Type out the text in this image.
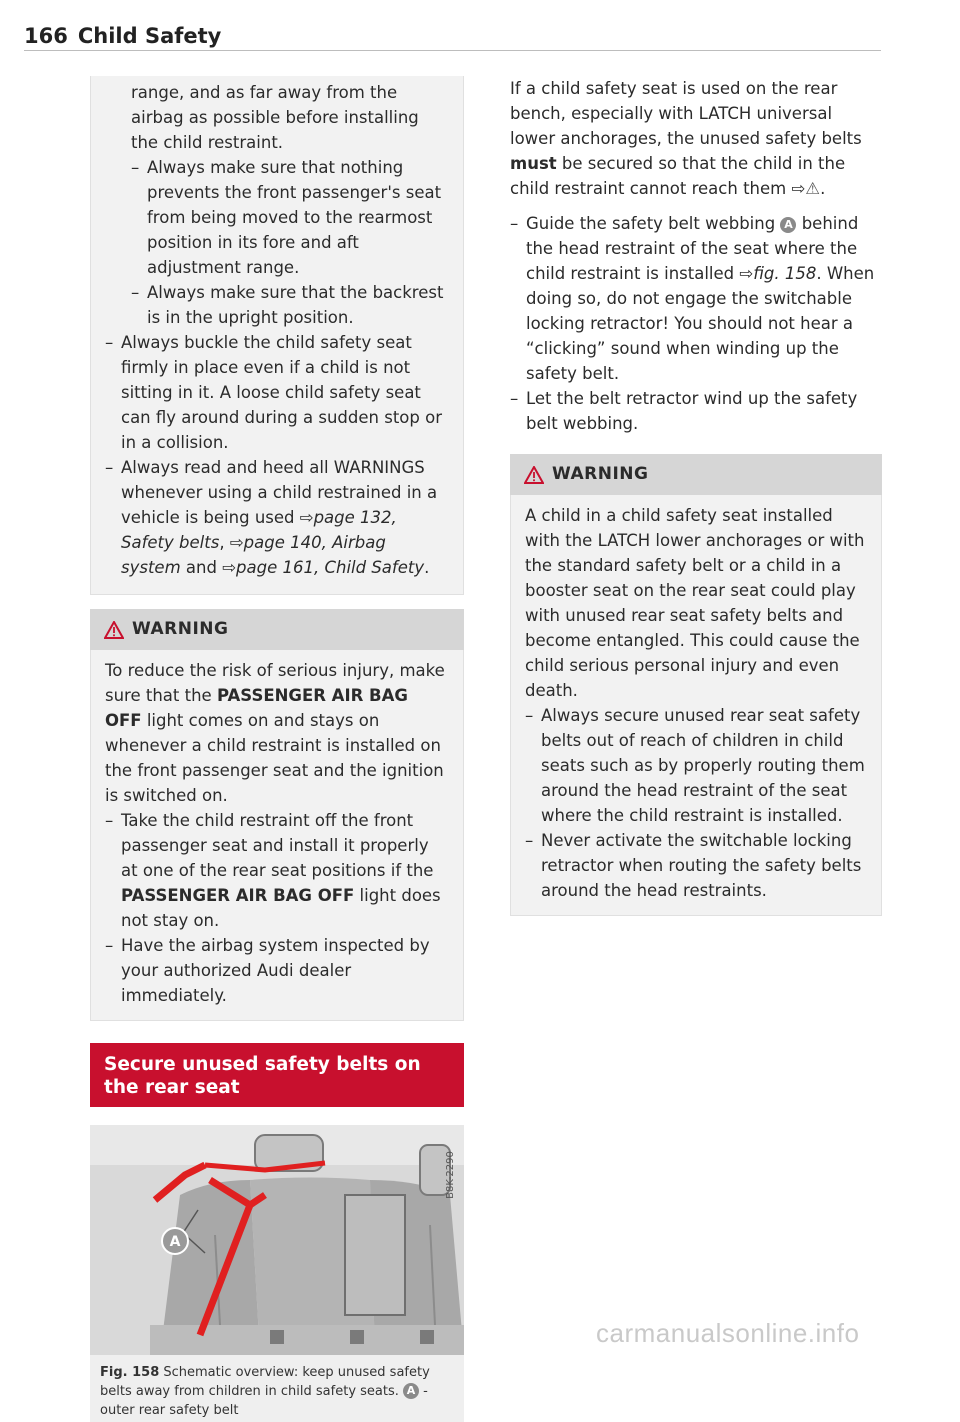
166 Child Safety

range, and as far away from the airbag as possible before installing the child restraint.

– Always make sure that nothing prevents the front passenger's seat from being moved to the rearmost position in its fore and aft adjustment range.

– Always make sure that the backrest is in the upright position.

– Always buckle the child safety seat firmly in place even if a child is not sitting in it. A loose child safety seat can fly around during a sudden stop or in a collision.

– Always read and heed all WARNINGS whenever using a child restrained in a vehicle is being used ⇨page 132, Safety belts, ⇨page 140, Airbag system and ⇨page 161, Child Safety.

WARNING

To reduce the risk of serious injury, make sure that the PASSENGER AIR BAG OFF light comes on and stays on whenever a child restraint is installed on the front passenger seat and the ignition is switched on.

– Take the child restraint off the front passenger seat and install it properly at one of the rear seat positions if the PASSENGER AIR BAG OFF light does not stay on.

– Have the airbag system inspected by your authorized Audi dealer immediately.

Secure unused safety belts on the rear seat
A
B8K-2290
Fig. 158 Schematic overview: keep unused safety belts away from children in child safety seats. A - outer rear safety belt

If a child safety seat is used on the rear bench, especially with LATCH universal lower anchorages, the unused safety belts must be secured so that the child in the child restraint cannot reach them ⇨⚠.

– Guide the safety belt webbing A behind the head restraint of the seat where the child restraint is installed ⇨fig. 158. When doing so, do not engage the switchable locking retractor! You should not hear a “clicking” sound when winding up the safety belt.

– Let the belt retractor wind up the safety belt webbing.

WARNING

A child in a child safety seat installed with the LATCH lower anchorages or with the standard safety belt or a child in a booster seat on the rear seat could play with unused rear seat safety belts and become entangled. This could cause the child serious personal injury and even death.

– Always secure unused rear seat safety belts out of reach of children in child seats such as by properly routing them around the head restraint of the seat where the child restraint is installed.

– Never activate the switchable locking retractor when routing the safety belts around the head restraints.

carmanualsonline.info
